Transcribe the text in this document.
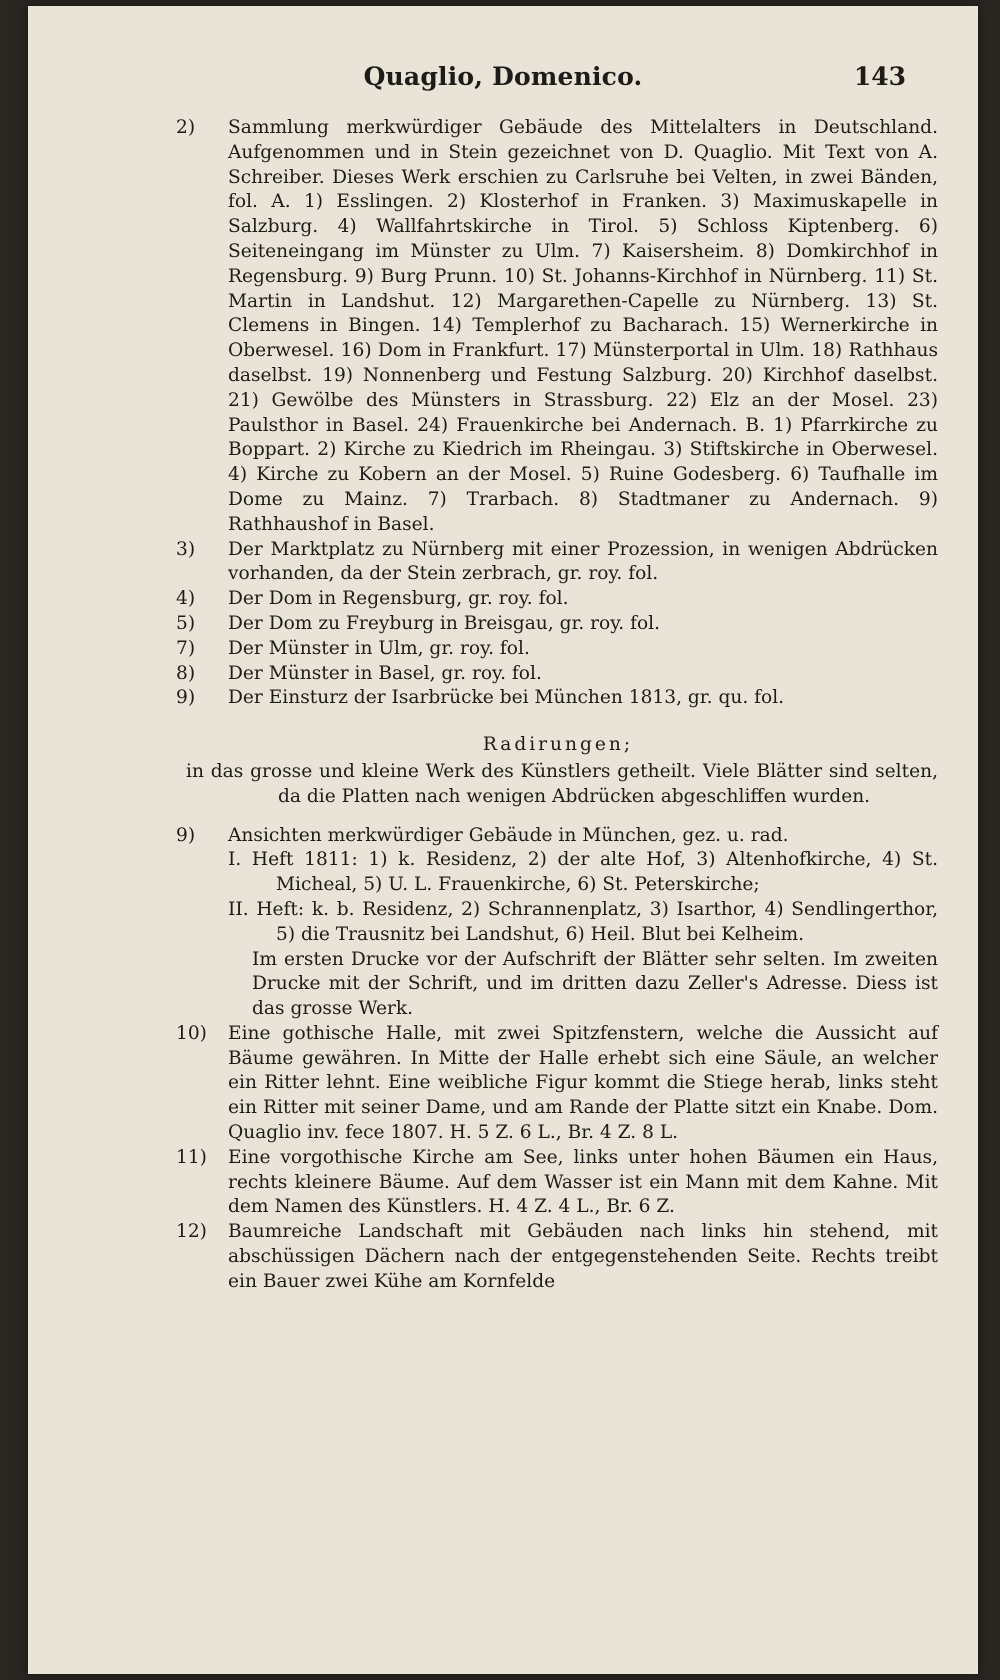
Quaglio, Domenico.	143
2)	Sammlung merkwürdiger Gebäude des Mittelalters in Deutschland. Aufgenommen und in Stein gezeichnet von D. Quaglio. Mit Text von A. Schreiber. Dieses Werk erschien zu Carlsruhe bei Velten, in zwei Bänden, fol. A. 1) Esslingen. 2) Klosterhof in Franken. 3) Maximuskapelle in Salzburg. 4) Wallfahrtskirche in Tirol. 5) Schloss Kiptenberg. 6) Seiteneingang im Münster zu Ulm. 7) Kaisersheim. 8) Domkirchhof in Regensburg. 9) Burg Prunn. 10) St. Johanns-Kirchhof in Nürnberg. 11) St. Martin in Landshut. 12) Margarethen-Capelle zu Nürnberg. 13) St. Clemens in Bingen. 14) Templerhof zu Bacharach. 15) Wernerkirche in Oberwesel. 16) Dom in Frankfurt. 17) Münsterportal in Ulm. 18) Rathhaus daselbst. 19) Nonnenberg und Festung Salzburg. 20) Kirchhof daselbst. 21) Gewölbe des Münsters in Strassburg. 22) Elz an der Mosel. 23) Paulsthor in Basel. 24) Frauenkirche bei Andernach. B. 1) Pfarrkirche zu Boppart. 2) Kirche zu Kiedrich im Rheingau. 3) Stiftskirche in Oberwesel. 4) Kirche zu Kobern an der Mosel. 5) Ruine Godesberg. 6) Taufhalle im Dome zu Mainz. 7) Trarbach. 8) Stadtmaner zu Andernach. 9) Rathhaushof in Basel.

3)	Der Marktplatz zu Nürnberg mit einer Prozession, in wenigen Abdrücken vorhanden, da der Stein zerbrach, gr. roy. fol.

4)	Der Dom in Regensburg, gr. roy. fol.

5)	Der Dom zu Freyburg in Breisgau, gr. roy. fol.

7)	Der Münster in Ulm, gr. roy. fol.

8)	Der Münster in Basel, gr. roy. fol.

9)	Der Einsturz der Isarbrücke bei München 1813, gr. qu. fol.

Radirungen;

in das grosse und kleine Werk des Künstlers getheilt. Viele Blätter sind selten, da die Platten nach wenigen Abdrücken abgeschliffen wurden.

9)	Ansichten merkwürdiger Gebäude in München, gez. u. rad.

I. Heft 1811: 1) k. Residenz, 2) der alte Hof, 3) Altenhofkirche, 4) St. Micheal, 5) U. L. Frauenkirche, 6) St. Peterskirche;

II. Heft: k. b. Residenz, 2) Schrannenplatz, 3) Isarthor, 4) Sendlingerthor, 5) die Trausnitz bei Landshut, 6) Heil. Blut bei Kelheim.

Im ersten Drucke vor der Aufschrift der Blätter sehr selten. Im zweiten Drucke mit der Schrift, und im dritten dazu Zeller's Adresse. Diess ist das grosse Werk.

10)	Eine gothische Halle, mit zwei Spitzfenstern, welche die Aussicht auf Bäume gewähren. In Mitte der Halle erhebt sich eine Säule, an welcher ein Ritter lehnt. Eine weibliche Figur kommt die Stiege herab, links steht ein Ritter mit seiner Dame, und am Rande der Platte sitzt ein Knabe. Dom. Quaglio inv. fece 1807. H. 5 Z. 6 L., Br. 4 Z. 8 L.

11)	Eine vorgothische Kirche am See, links unter hohen Bäumen ein Haus, rechts kleinere Bäume. Auf dem Wasser ist ein Mann mit dem Kahne. Mit dem Namen des Künstlers. H. 4 Z. 4 L., Br. 6 Z.

12)	Baumreiche Landschaft mit Gebäuden nach links hin stehend, mit abschüssigen Dächern nach der entgegenstehenden Seite. Rechts treibt ein Bauer zwei Kühe am Kornfelde
